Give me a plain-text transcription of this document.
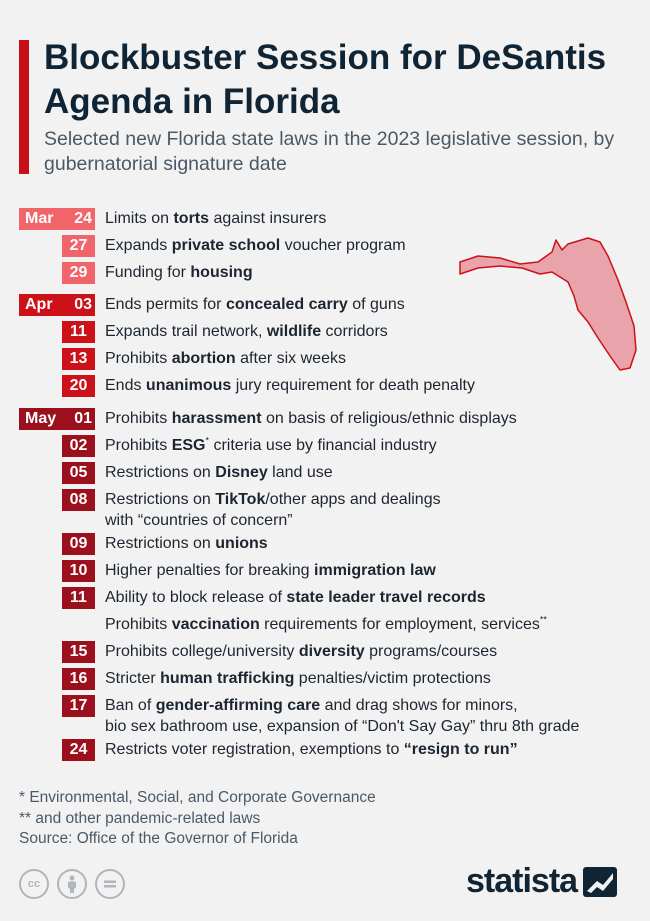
Blockbuster Session for DeSantis Agenda in Florida

Selected new Florida state laws in the 2023 legislative session, by gubernatorial signature date

Mar 24 Limits on torts against insurers
27	Expands private school voucher program
29	Funding for housing
Apr 03 Ends permits for concealed carry of guns
11	Expands trail network, wildlife corridors
13	Prohibits abortion after six weeks
20	Ends unanimous jury requirement for death penalty
May 01 Prohibits harassment on basis of religious/ethnic displays
02	Prohibits ESG* criteria use by financial industry
05	Restrictions on Disney land use
08	Restrictions on TikTok/other apps and dealings
with “countries of concern”
09	Restrictions on unions
10	Higher penalties for breaking immigration law
11	Ability to block release of state leader travel records
Prohibits vaccination requirements for employment, services**
15	Prohibits college/university diversity programs/courses
16	Stricter human trafficking penalties/victim protections
17	Ban of gender-affirming care and drag shows for minors,
bio sex bathroom use, expansion of “Don't Say Gay” thru 8th grade
24	Restricts voter registration, exemptions to “resign to run”
* Environmental, Social, and Corporate Governance
** and other pandemic-related laws
Source: Office of the Governor of Florida
cc	statista
